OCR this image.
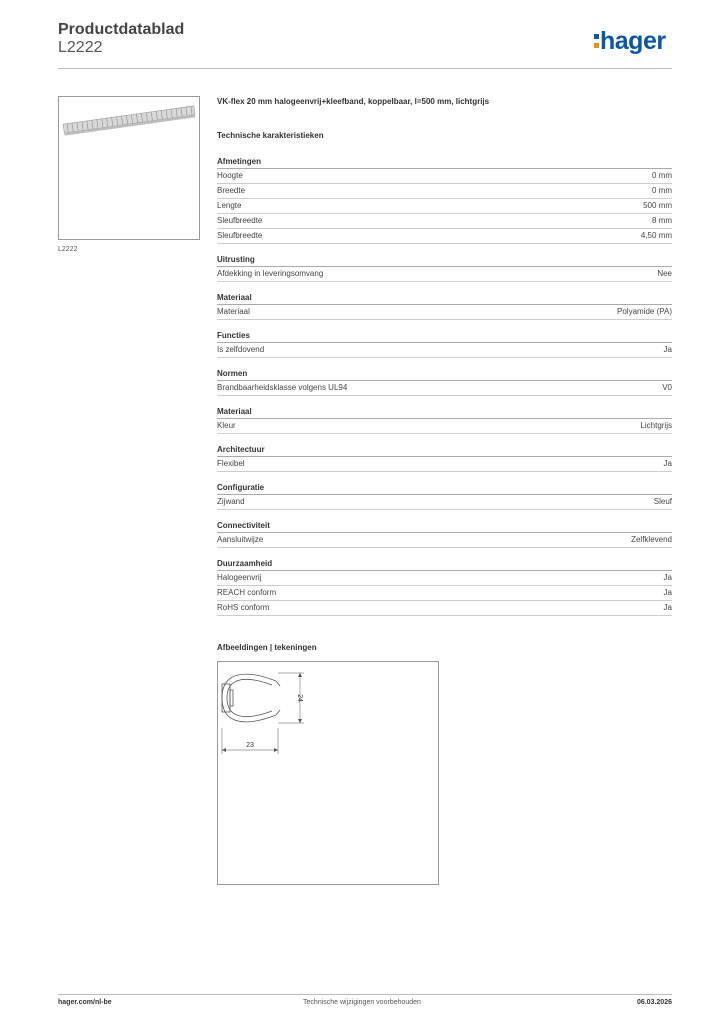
Productdatablad
L2222	hager
L2222
VK-flex 20 mm halogeenvrij+kleefband, koppelbaar, l=500 mm, lichtgrijs
Technische karakteristieken
Afmetingen
Hoogte	0 mm
Breedte	0 mm
Lengte	500 mm
Sleufbreedte	8 mm
Sleufbreedte	4,50 mm
Uitrusting
Afdekking in leveringsomvang	Nee
Materiaal
Materiaal	Polyamide (PA)
Functies
Is zelfdovend	Ja
Normen
Brandbaarheidsklasse volgens UL94	V0
Materiaal
Kleur	Lichtgrijs
Architectuur
Flexibel	Ja
Configuratie
Zijwand	Sleuf
Connectiviteit
Aansluitwijze	Zelfklevend
Duurzaamheid
Halogeenvrij	Ja
REACH conform	Ja
RoHS conform	Ja
Afbeeldingen | tekeningen
24
23
hager.com/nl-be	Technische wijzigingen voorbehouden	06.03.2026
